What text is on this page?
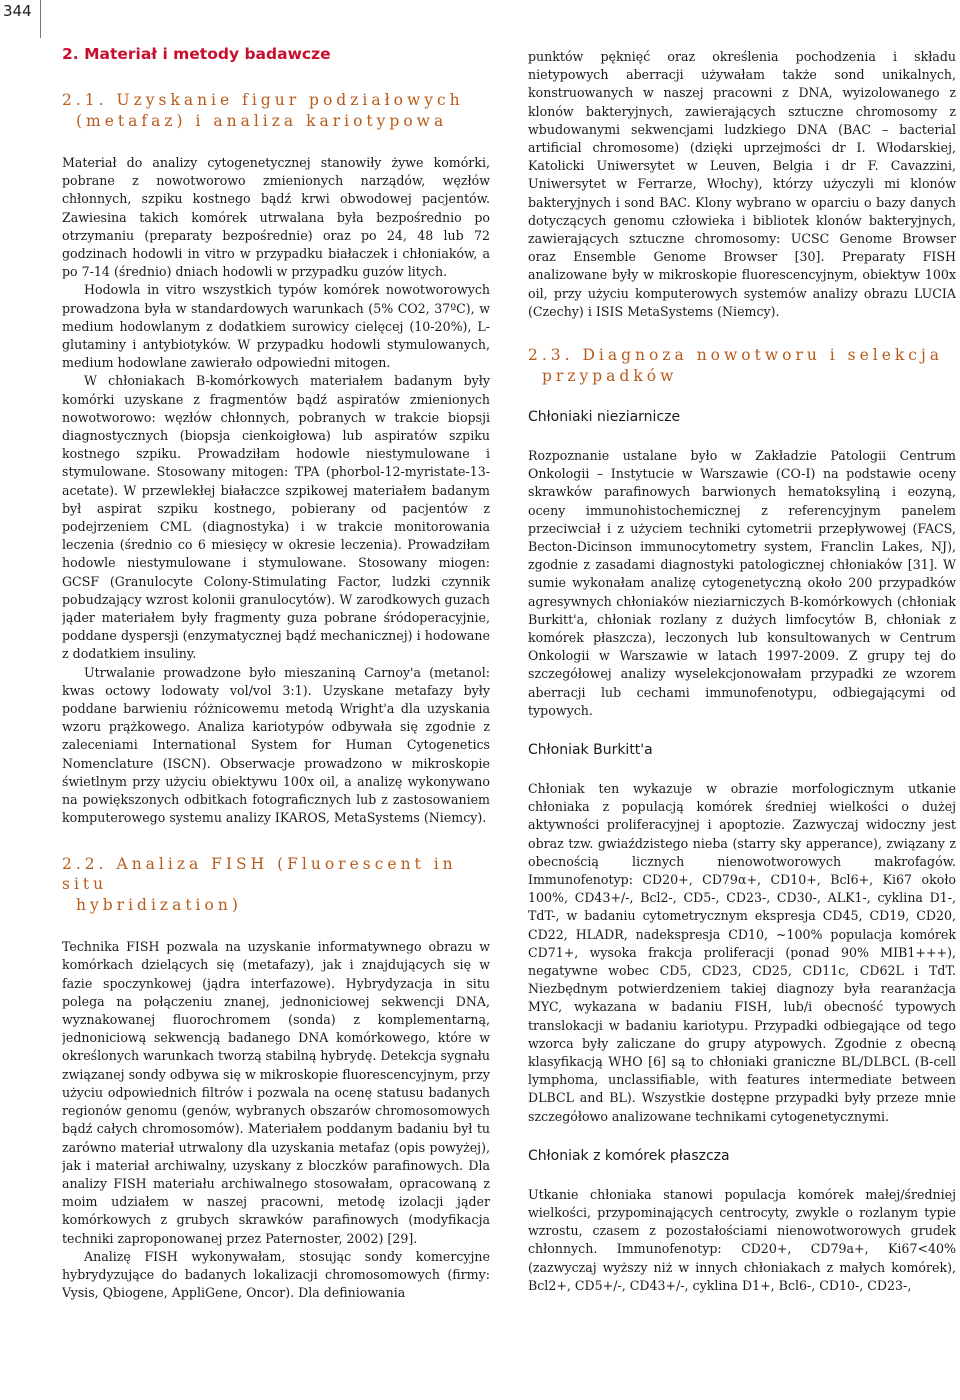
344
2. Materiał i metody badawcze
2.1. Uzyskanie figur podziałowych
(metafaz) i analiza kariotypowa

Materiał do analizy cytogenetycznej stanowiły żywe komórki, pobrane z nowotworowo zmienionych narządów, węzłów chłonnych, szpiku kostnego bądź krwi obwodowej pacjentów. Zawiesina takich komórek utrwalana była bezpośrednio po otrzymaniu (preparaty bezpośrednie) oraz po 24, 48 lub 72 godzinach hodowli in vitro w przypadku białaczek i chłoniaków, a po 7-14 (średnio) dniach hodowli w przypadku guzów litych.

Hodowla in vitro wszystkich typów komórek nowotworowych prowadzona była w standardowych warunkach (5% CO2, 37ºC), w medium hodowlanym z dodatkiem surowicy cielęcej (10-20%), L-glutaminy i antybiotyków. W przypadku hodowli stymulowanych, medium hodowlane zawierało odpowiedni mitogen.

W chłoniakach B-komórkowych materiałem badanym były komórki uzyskane z fragmentów bądź aspiratów zmienionych nowotworowo: węzłów chłonnych, pobranych w trakcie biopsji diagnostycznych (biopsja cienkoigłowa) lub aspiratów szpiku kostnego szpiku. Prowadziłam hodowle niestymulowane i stymulowane. Stosowany mitogen: TPA (phorbol-12-myristate-13-acetate). W przewlekłej białaczce szpikowej materiałem badanym był aspirat szpiku kostnego, pobierany od pacjentów z podejrzeniem CML (diagnostyka) i w trakcie monitorowania leczenia (średnio co 6 miesięcy w okresie leczenia). Prowadziłam hodowle niestymulowane i stymulowane. Stosowany miogen: GCSF (Granulocyte Colony-Stimulating Factor, ludzki czynnik pobudzający wzrost kolonii granulocytów). W zarodkowych guzach jąder materiałem były fragmenty guza pobrane śródoperacyjnie, poddane dyspersji (enzymatycznej bądź mechanicznej) i hodowane z dodatkiem insuliny.

Utrwalanie prowadzone było mieszaniną Carnoy'a (metanol: kwas octowy lodowaty vol/vol 3:1). Uzyskane metafazy były poddane barwieniu różnicowemu metodą Wright'a dla uzyskania wzoru prążkowego. Analiza kariotypów odbywała się zgodnie z zaleceniami International System for Human Cytogenetics Nomenclature (ISCN). Obserwacje prowadzono w mikroskopie świetlnym przy użyciu obiektywu 100x oil, a analizę wykonywano na powiększonych odbitkach fotograficznych lub z zastosowaniem komputerowego systemu analizy IKAROS, MetaSystems (Niemcy).

2.2. Analiza FISH (Fluorescent in situ
hybridization)

Technika FISH pozwala na uzyskanie informatywnego obrazu w komórkach dzielących się (metafazy), jak i znajdujących się w fazie spoczynkowej (jądra interfazowe). Hybrydyzacja in situ polega na połączeniu znanej, jednoniciowej sekwencji DNA, wyznakowanej fluorochromem (sonda) z komplementarną, jednoniciową sekwencją badanego DNA komórkowego, które w określonych warunkach tworzą stabilną hybrydę. Detekcja sygnału związanej sondy odbywa się w mikroskopie fluorescencyjnym, przy użyciu odpowiednich filtrów i pozwala na ocenę statusu badanych regionów genomu (genów, wybranych obszarów chromosomowych bądź całych chromosomów). Materiałem poddanym badaniu był tu zarówno materiał utrwalony dla uzyskania metafaz (opis powyżej), jak i materiał archiwalny, uzyskany z bloczków parafinowych. Dla analizy FISH materiału archiwalnego stosowałam, opracowaną z moim udziałem w naszej pracowni, metodę izolacji jąder komórkowych z grubych skrawków parafinowych (modyfikacja techniki zaproponowanej przez Paternoster, 2002) [29].

Analizę FISH wykonywałam, stosując sondy komercyjne hybrydyzujące do badanych lokalizacji chromosomowych (firmy: Vysis, Qbiogene, AppliGene, Oncor). Dla definiowania

punktów pęknięć oraz określenia pochodzenia i składu nietypowych aberracji używałam także sond unikalnych, konstruowanych w naszej pracowni z DNA, wyizolowanego z klonów bakteryjnych, zawierających sztuczne chromosomy z wbudowanymi sekwencjami ludzkiego DNA (BAC – bacterial artificial chromosome) (dzięki uprzejmości dr I. Włodarskiej, Katolicki Uniwersytet w Leuven, Belgia i dr F. Cavazzini, Uniwersytet w Ferrarze, Włochy), którzy użyczyli mi klonów bakteryjnych i sond BAC. Klony wybrano w oparciu o bazy danych dotyczących genomu człowieka i bibliotek klonów bakteryjnych, zawierających sztuczne chromosomy: UCSC Genome Browser oraz Ensemble Genome Browser [30]. Preparaty FISH analizowane były w mikroskopie fluorescencyjnym, obiektyw 100x oil, przy użyciu komputerowych systemów analizy obrazu LUCIA (Czechy) i ISIS MetaSystems (Niemcy).

2.3. Diagnoza nowotworu i selekcja
przypadków
Chłoniaki nieziarnicze

Rozpoznanie ustalane było w Zakładzie Patologii Centrum Onkologii – Instytucie w Warszawie (CO-I) na podstawie oceny skrawków parafinowych barwionych hematoksyliną i eozyną, oceny immunohistochemicznej z referencyjnym panelem przeciwciał i z użyciem techniki cytometrii przepływowej (FACS, Becton-Dicinson immunocytometry system, Franclin Lakes, NJ), zgodnie z zasadami diagnostyki patologicznej chłoniaków [31]. W sumie wykonałam analizę cytogenetyczną około 200 przypadków agresywnych chłoniaków nieziarniczych B-komórkowych (chłoniak Burkitt'a, chłoniak rozlany z dużych limfocytów B, chłoniak z komórek płaszcza), leczonych lub konsultowanych w Centrum Onkologii w Warszawie w latach 1997-2009. Z grupy tej do szczegółowej analizy wyselekcjonowałam przypadki ze wzorem aberracji lub cechami immunofenotypu, odbiegającymi od typowych.

Chłoniak Burkitt'a

Chłoniak ten wykazuje w obrazie morfologicznym utkanie chłoniaka z populacją komórek średniej wielkości o dużej aktywności proliferacyjnej i apoptozie. Zazwyczaj widoczny jest obraz tzw. gwiaździstego nieba (starry sky apperance), związany z obecnością licznych nienowotworowych makrofagów. Immunofenotyp: CD20+, CD79α+, CD10+, Bcl6+, Ki67 około 100%, CD43+/-, Bcl2-, CD5-, CD23-, CD30-, ALK1-, cyklina D1-, TdT-, w badaniu cytometrycznym ekspresja CD45, CD19, CD20, CD22, HLADR, nadekspresja CD10, ~100% populacja komórek CD71+, wysoka frakcja proliferacji (ponad 90% MIB1+++), negatywne wobec CD5, CD23, CD25, CD11c, CD62L i TdT. Niezbędnym potwierdzeniem takiej diagnozy była rearanżacja MYC, wykazana w badaniu FISH, lub/i obecność typowych translokacji w badaniu kariotypu. Przypadki odbiegające od tego wzorca były zaliczane do grupy atypowych. Zgodnie z obecną klasyfikacją WHO [6] są to chłoniaki graniczne BL/DLBCL (B-cell lymphoma, unclassifiable, with features intermediate between DLBCL and BL). Wszystkie dostępne przypadki były przeze mnie szczegółowo analizowane technikami cytogenetycznymi.

Chłoniak z komórek płaszcza

Utkanie chłoniaka stanowi populacja komórek małej/średniej wielkości, przypominających centrocyty, zwykle o rozlanym typie wzrostu, czasem z pozostałościami nienowotworowych grudek chłonnych. Immunofenotyp: CD20+, CD79a+, Ki67<40% (zazwyczaj wyższy niż w innych chłoniakach z małych komórek), Bcl2+, CD5+/-, CD43+/-, cyklina D1+, Bcl6-, CD10-, CD23-,
